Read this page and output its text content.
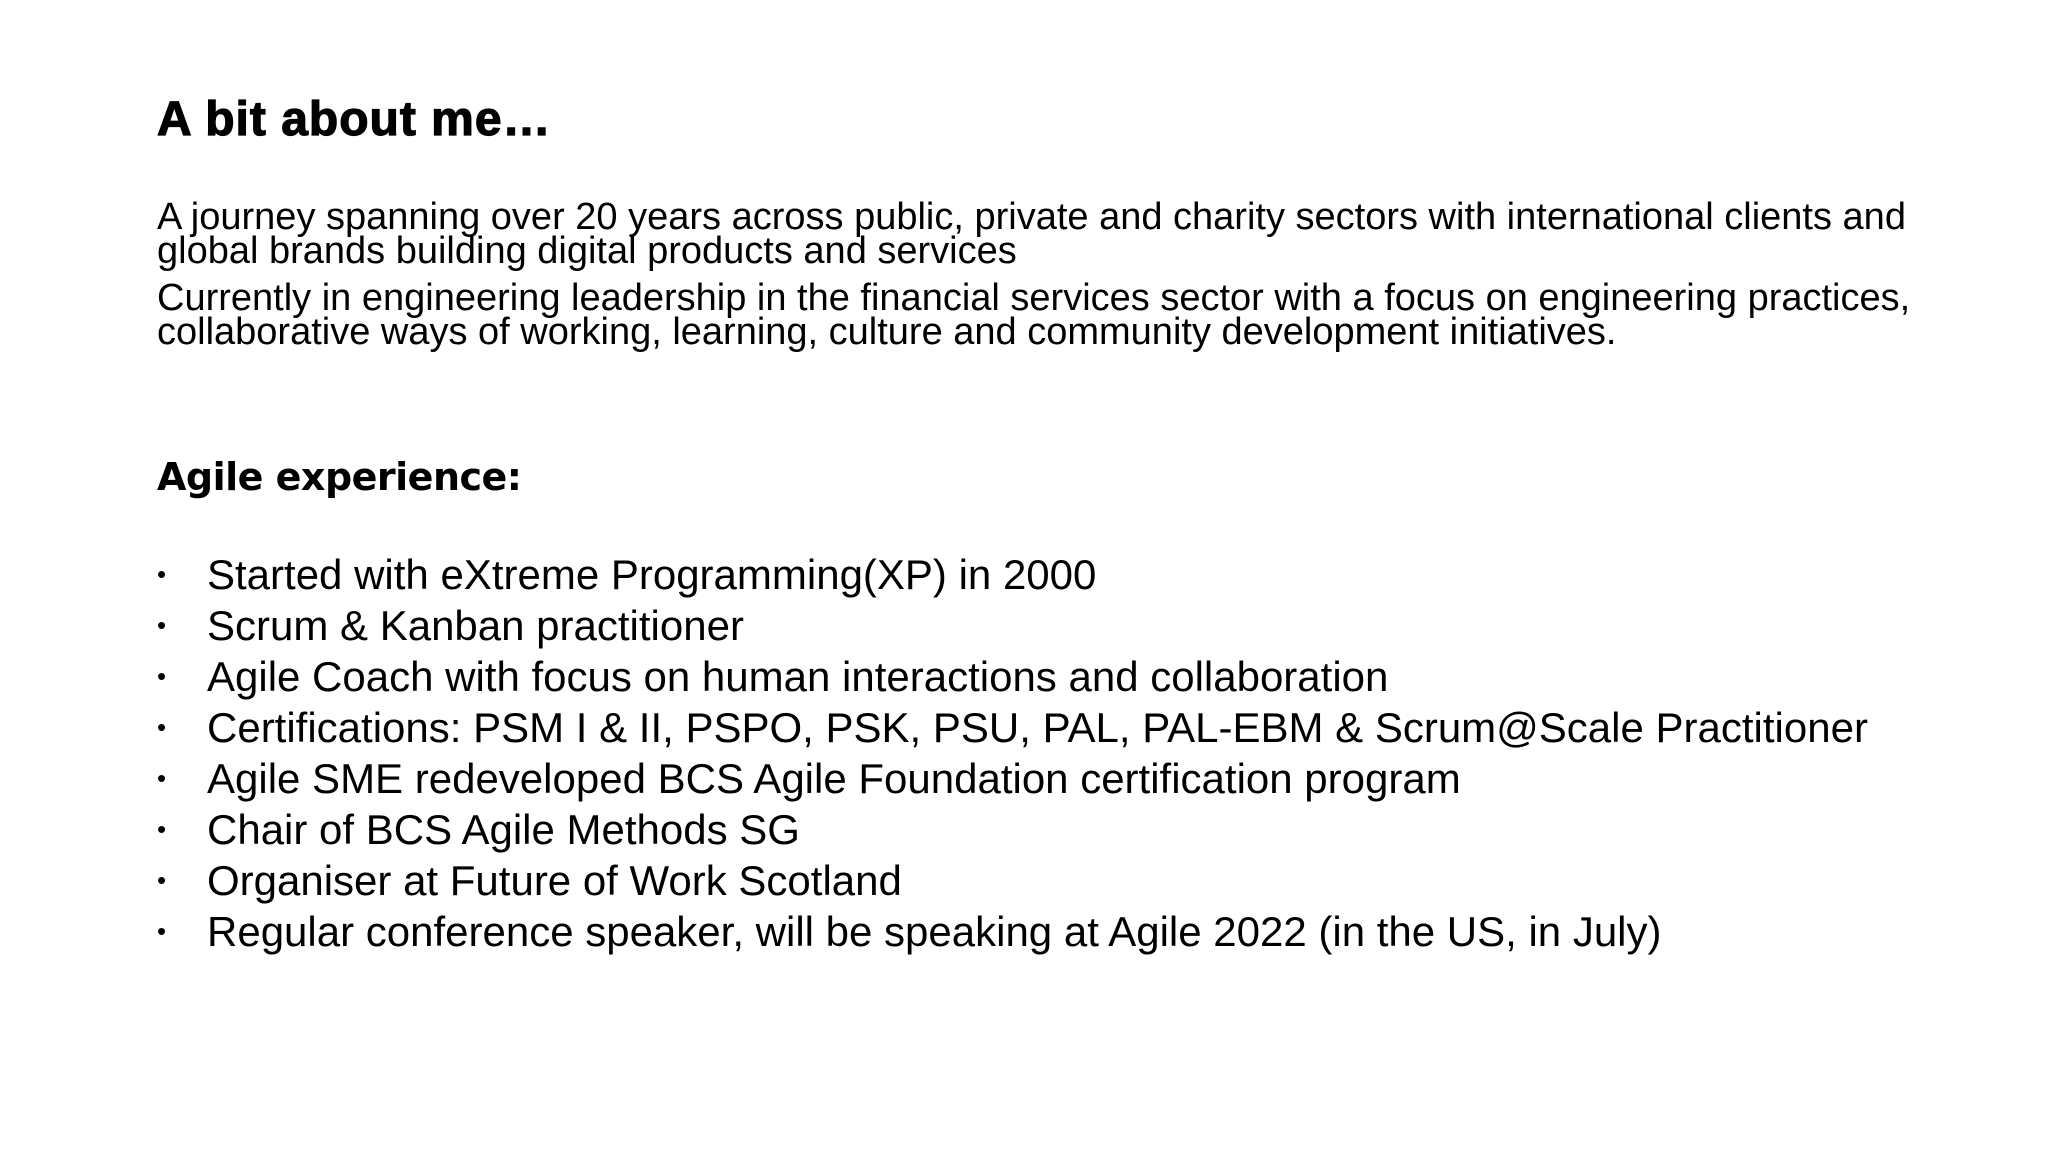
A bit about me…

A journey spanning over 20 years across public, private and charity sectors with international clients and global brands building digital products and services

Currently in engineering leadership in the financial services sector with a focus on engineering practices, collaborative ways of working, learning, culture and community development initiatives.

Agile experience:
• Started with eXtreme Programming(XP) in 2000
• Scrum & Kanban practitioner
• Agile Coach with focus on human interactions and collaboration
• Certifications: PSM I & II, PSPO, PSK, PSU, PAL, PAL-EBM & Scrum@Scale Practitioner
• Agile SME redeveloped BCS Agile Foundation certification program
• Chair of BCS Agile Methods SG
• Organiser at Future of Work Scotland
• Regular conference speaker, will be speaking at Agile 2022 (in the US, in July)
